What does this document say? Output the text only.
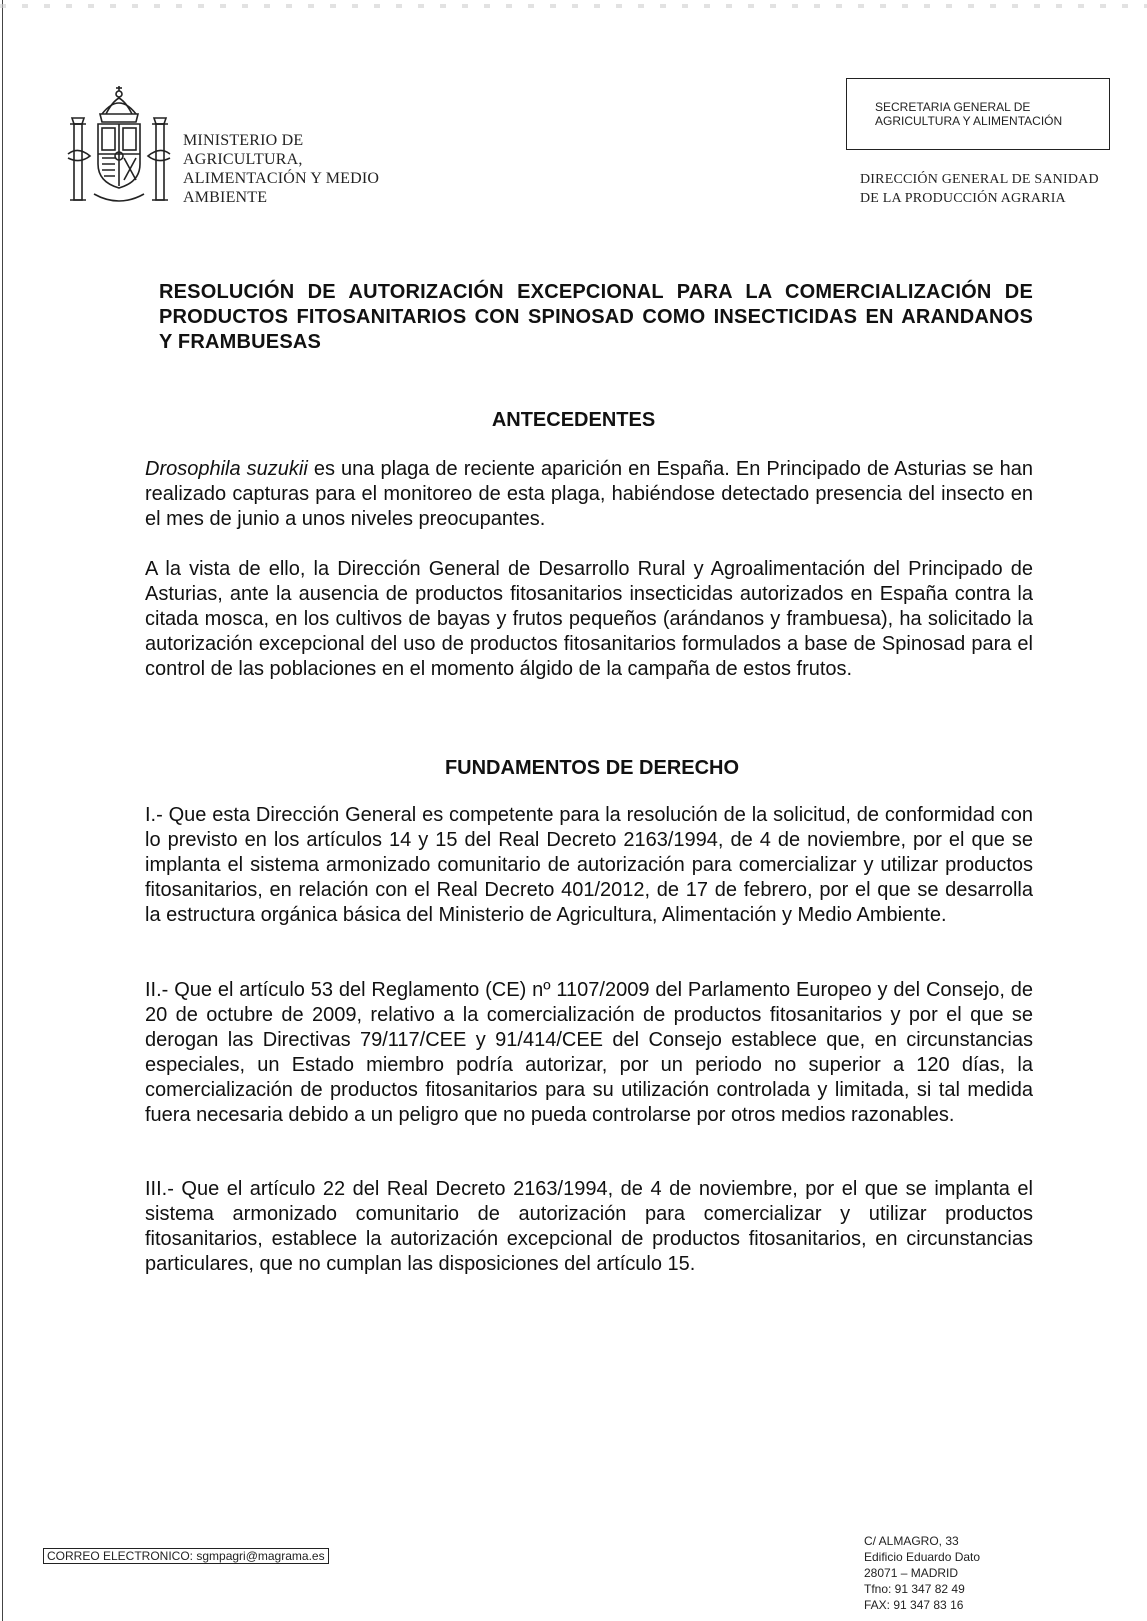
MINISTERIO DE
AGRICULTURA,
ALIMENTACIÓN Y MEDIO
AMBIENTE
SECRETARIA GENERAL DE
AGRICULTURA Y ALIMENTACIÓN
DIRECCIÓN GENERAL DE SANIDAD
DE LA PRODUCCIÓN AGRARIA
RESOLUCIÓN DE AUTORIZACIÓN EXCEPCIONAL PARA LA COMERCIALIZACIÓN DE PRODUCTOS FITOSANITARIOS CON SPINOSAD COMO INSECTICIDAS EN ARANDANOS Y FRAMBUESAS
ANTECEDENTES
Drosophila suzukii es una plaga de reciente aparición en España. En Principado de Asturias se han realizado capturas para el monitoreo de esta plaga, habiéndose detectado presencia del insecto en el mes de junio a unos niveles preocupantes.
A la vista de ello, la Dirección General de Desarrollo Rural y Agroalimentación del Principado de Asturias, ante la ausencia de productos fitosanitarios insecticidas autorizados en España contra la citada mosca, en los cultivos de bayas y frutos pequeños (arándanos y frambuesa), ha solicitado la autorización excepcional del uso de productos fitosanitarios formulados a base de Spinosad para el control de las poblaciones en el momento álgido de la campaña de estos frutos.
FUNDAMENTOS DE DERECHO
I.- Que esta Dirección General es competente para la resolución de la solicitud, de conformidad con lo previsto en los artículos 14 y 15 del Real Decreto 2163/1994, de 4 de noviembre, por el que se implanta el sistema armonizado comunitario de autorización para comercializar y utilizar productos fitosanitarios, en relación con el Real Decreto 401/2012, de 17 de febrero, por el que se desarrolla la estructura orgánica básica del Ministerio de Agricultura, Alimentación y Medio Ambiente.
II.- Que el artículo 53 del Reglamento (CE) nº 1107/2009 del Parlamento Europeo y del Consejo, de 20 de octubre de 2009, relativo a la comercialización de productos fitosanitarios y por el que se derogan las Directivas 79/117/CEE y 91/414/CEE del Consejo establece que, en circunstancias especiales, un Estado miembro podría autorizar, por un periodo no superior a 120 días, la comercialización de productos fitosanitarios para su utilización controlada y limitada, si tal medida fuera necesaria debido a un peligro que no pueda controlarse por otros medios razonables.
III.- Que el artículo 22 del Real Decreto 2163/1994, de 4 de noviembre, por el que se implanta el sistema armonizado comunitario de autorización para comercializar y utilizar productos fitosanitarios, establece la autorización excepcional de productos fitosanitarios, en circunstancias particulares, que no cumplan las disposiciones del artículo 15.
CORREO ELECTRONICO: sgmpagri@magrama.es
C/ ALMAGRO, 33
Edificio Eduardo Dato
28071 – MADRID
Tfno: 91 347 82 49
FAX: 91 347 83 16
